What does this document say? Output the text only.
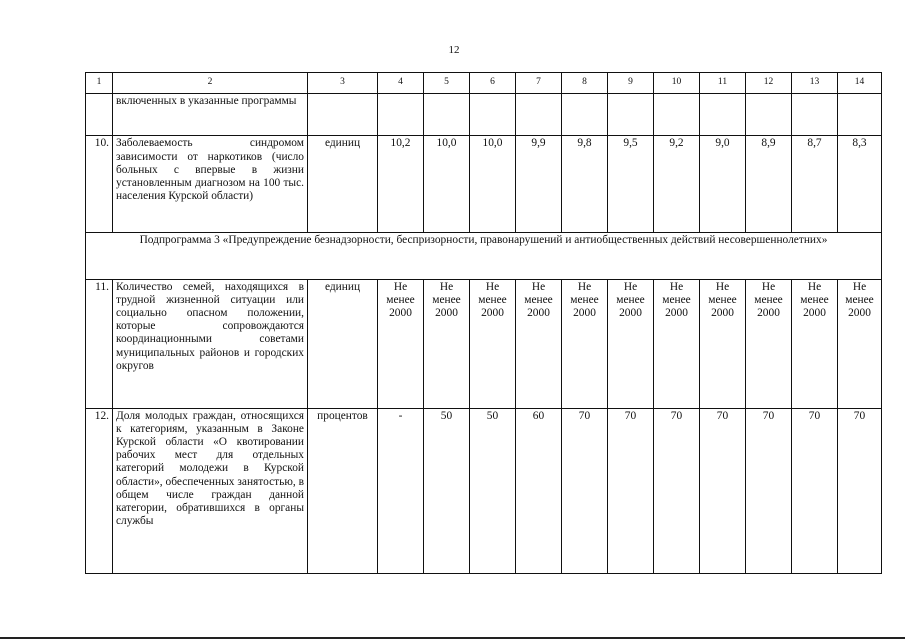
12
1	2	3	4	5	6	7	8	9	10	11	12	13	14

	включенных в указанные программы												

10.	Заболеваемость синдромом зависимости от наркотиков (число больных с впервые в жизни установленным диагнозом на 100 тыс. населения Курской области)	единиц	10,2	10,0	10,0	9,9	9,8	9,5	9,2	9,0	8,9	8,7	8,3
Подпрограмма 3 «Предупреждение безнадзорности, беспризорности, правонарушений и антиобщественных действий несовершеннолетних»													
11.	Количество семей, находящихся в трудной жизненной ситуации или социально опасном положении, которые сопровождаются координационными советами муниципальных районов и городских округов	единиц	Не менее 2000	Не менее 2000	Не менее 2000	Не менее 2000	Не менее 2000	Не менее 2000	Не менее 2000	Не менее 2000	Не менее 2000	Не менее 2000	Не менее 2000
12.	Доля молодых граждан, относящихся к категориям, указанным в Законе Курской области «О квотировании рабочих мест для отдельных категорий молодежи в Курской области», обеспеченных занятостью, в общем числе граждан данной категории, обратившихся в органы службы	процентов	-	50	50	60	70	70	70	70	70	70	70
